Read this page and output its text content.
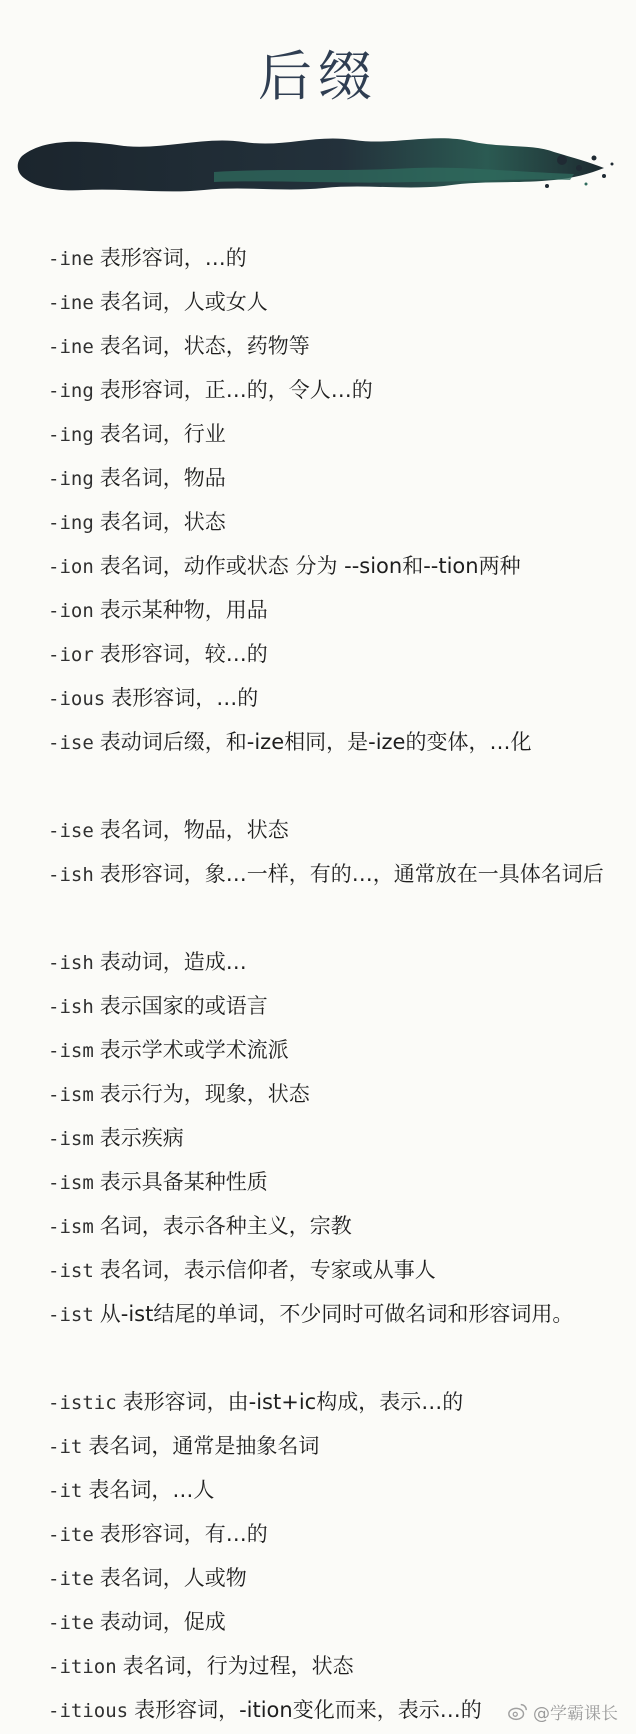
后缀
-ine 表形容词，…的
-ine 表名词，人或女人
-ine 表名词，状态，药物等
-ing 表形容词，正…的，令人…的
-ing 表名词，行业
-ing 表名词，物品
-ing 表名词，状态
-ion 表名词，动作或状态 分为 --sion和--tion两种
-ion 表示某种物，用品
-ior 表形容词，较…的
-ious 表形容词，…的
-ise 表动词后缀，和-ize相同，是-ize的变体，…化
-ise 表名词，物品，状态
-ish 表形容词，象…一样，有的…，通常放在一具体名词后
-ish 表动词，造成…
-ish 表示国家的或语言
-ism 表示学术或学术流派
-ism 表示行为，现象，状态
-ism 表示疾病
-ism 表示具备某种性质
-ism 名词，表示各种主义，宗教
-ist 表名词，表示信仰者，专家或从事人
-ist 从-ist结尾的单词，不少同时可做名词和形容词用。
-istic 表形容词，由-ist+ic构成，表示…的
-it 表名词，通常是抽象名词
-it 表名词，…人
-ite 表形容词，有…的
-ite 表名词，人或物
-ite 表动词，促成
-ition 表名词，行为过程，状态
-itious 表形容词，-ition变化而来，表示…的	@学霸课长
